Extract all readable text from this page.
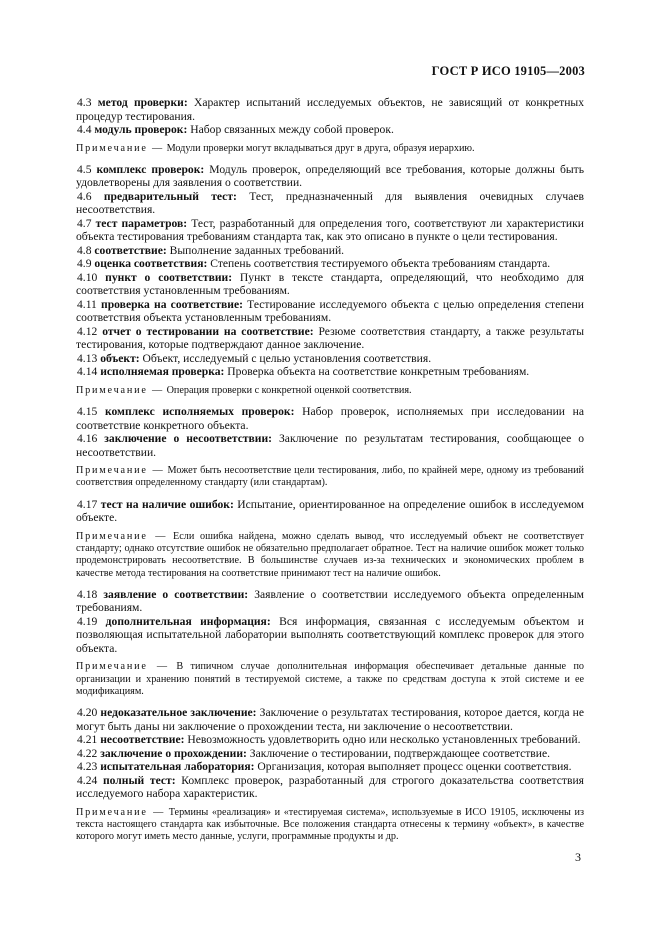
ГОСТ Р ИСО 19105—2003

4.3 метод проверки: Характер испытаний исследуемых объектов, не зависящий от конкретных процедур тестирования.

4.4 модуль проверок: Набор связанных между собой проверок.

Примечание — Модули проверки могут вкладываться друг в друга, образуя иерархию.

4.5 комплекс проверок: Модуль проверок, определяющий все требования, которые должны быть удовлетворены для заявления о соответствии.

4.6 предварительный тест: Тест, предназначенный для выявления очевидных случаев несоответствия.

4.7 тест параметров: Тест, разработанный для определения того, соответствуют ли характеристики объекта тестирования требованиям стандарта так, как это описано в пункте о цели тестирования.

4.8 соответствие: Выполнение заданных требований.

4.9 оценка соответствия: Степень соответствия тестируемого объекта требованиям стандарта.

4.10 пункт о соответствии: Пункт в тексте стандарта, определяющий, что необходимо для соответствия установленным требованиям.

4.11 проверка на соответствие: Тестирование исследуемого объекта с целью определения степени соответствия объекта установленным требованиям.

4.12 отчет о тестировании на соответствие: Резюме соответствия стандарту, а также результаты тестирования, которые подтверждают данное заключение.

4.13 объект: Объект, исследуемый с целью установления соответствия.

4.14 исполняемая проверка: Проверка объекта на соответствие конкретным требованиям.

Примечание — Операция проверки с конкретной оценкой соответствия.

4.15 комплекс исполняемых проверок: Набор проверок, исполняемых при исследовании на соответствие конкретного объекта.

4.16 заключение о несоответствии: Заключение по результатам тестирования, сообщающее о несоответствии.

Примечание — Может быть несоответствие цели тестирования, либо, по крайней мере, одному из требований соответствия определенному стандарту (или стандартам).

4.17 тест на наличие ошибок: Испытание, ориентированное на определение ошибок в исследуемом объекте.

Примечание — Если ошибка найдена, можно сделать вывод, что исследуемый объект не соответствует стандарту; однако отсутствие ошибок не обязательно предполагает обратное. Тест на наличие ошибок может только продемонстрировать несоответствие. В большинстве случаев из-за технических и экономических проблем в качестве метода тестирования на соответствие принимают тест на наличие ошибок.

4.18 заявление о соответствии: Заявление о соответствии исследуемого объекта определенным требованиям.

4.19 дополнительная информация: Вся информация, связанная с исследуемым объектом и позволяющая испытательной лаборатории выполнять соответствующий комплекс проверок для этого объекта.

Примечание — В типичном случае дополнительная информация обеспечивает детальные данные по организации и хранению понятий в тестируемой системе, а также по средствам доступа к этой системе и ее модификациям.

4.20 недоказательное заключение: Заключение о результатах тестирования, которое дается, когда не могут быть даны ни заключение о прохождении теста, ни заключение о несоответствии.

4.21 несоответствие: Невозможность удовлетворить одно или несколько установленных требований.

4.22 заключение о прохождении: Заключение о тестировании, подтверждающее соответствие.

4.23 испытательная лаборатория: Организация, которая выполняет процесс оценки соответствия.

4.24 полный тест: Комплекс проверок, разработанный для строгого доказательства соответствия исследуемого набора характеристик.

Примечание — Термины «реализация» и «тестируемая система», используемые в ИСО 19105, исключены из текста настоящего стандарта как избыточные. Все положения стандарта отнесены к термину «объект», в качестве которого могут иметь место данные, услуги, программные продукты и др.

3
